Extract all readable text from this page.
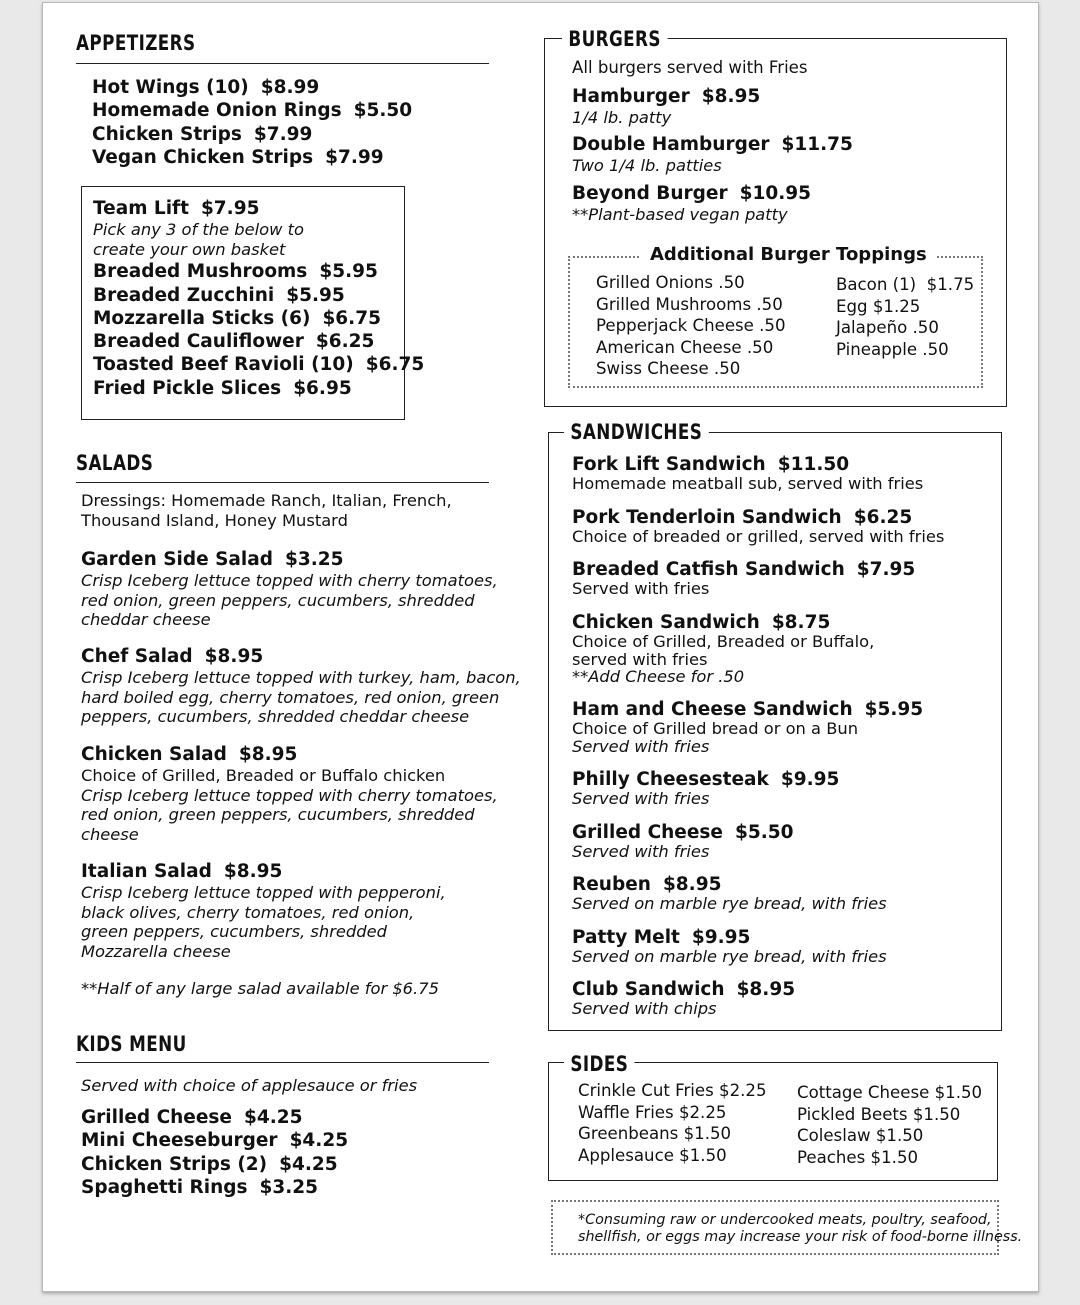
APPETIZERS
Hot Wings (10) $8.99
Homemade Onion Rings $5.50
Chicken Strips $7.99
Vegan Chicken Strips $7.99
Team Lift $7.95
Pick any 3 of the below to
create your own basket
Breaded Mushrooms $5.95
Breaded Zucchini $5.95
Mozzarella Sticks (6) $6.75
Breaded Cauliflower $6.25
Toasted Beef Ravioli (10) $6.75
Fried Pickle Slices $6.95
SALADS
Dressings: Homemade Ranch, Italian, French,
Thousand Island, Honey Mustard
Garden Side Salad $3.25
Crisp Iceberg lettuce topped with cherry tomatoes,
red onion, green peppers, cucumbers, shredded
cheddar cheese
Chef Salad $8.95
Crisp Iceberg lettuce topped with turkey, ham, bacon,
hard boiled egg, cherry tomatoes, red onion, green
peppers, cucumbers, shredded cheddar cheese
Chicken Salad $8.95
Choice of Grilled, Breaded or Buffalo chicken
Crisp Iceberg lettuce topped with cherry tomatoes,
red onion, green peppers, cucumbers, shredded
cheese
Italian Salad $8.95
Crisp Iceberg lettuce topped with pepperoni,
black olives, cherry tomatoes, red onion,
green peppers, cucumbers, shredded
Mozzarella cheese
**Half of any large salad available for $6.75
KIDS MENU
Served with choice of applesauce or fries
Grilled Cheese $4.25
Mini Cheeseburger $4.25
Chicken Strips (2) $4.25
Spaghetti Rings $3.25
BURGERS
All burgers served with Fries
Hamburger $8.95
1/4 lb. patty
Double Hamburger $11.75
Two 1/4 lb. patties
Beyond Burger $10.95
**Plant-based vegan patty
Additional Burger Toppings
Grilled Onions .50
Grilled Mushrooms .50
Pepperjack Cheese .50
American Cheese .50
Swiss Cheese .50
Bacon (1)  $1.75
Egg $1.25
Jalapeño .50
Pineapple .50
SANDWICHES
Fork Lift Sandwich $11.50
Homemade meatball sub, served with fries
Pork Tenderloin Sandwich $6.25
Choice of breaded or grilled, served with fries
Breaded Catfish Sandwich $7.95
Served with fries
Chicken Sandwich $8.75
Choice of Grilled, Breaded or Buffalo,
served with fries
**Add Cheese for .50
Ham and Cheese Sandwich $5.95
Choice of Grilled bread or on a Bun
Served with fries
Philly Cheesesteak $9.95
Served with fries
Grilled Cheese $5.50
Served with fries
Reuben $8.95
Served on marble rye bread, with fries
Patty Melt $9.95
Served on marble rye bread, with fries
Club Sandwich $8.95
Served with chips
SIDES
Crinkle Cut Fries $2.25
Waffle Fries $2.25
Greenbeans $1.50
Applesauce $1.50
Cottage Cheese $1.50
Pickled Beets $1.50
Coleslaw $1.50
Peaches $1.50
*Consuming raw or undercooked meats, poultry, seafood,
shellfish, or eggs may increase your risk of food-borne illness.
